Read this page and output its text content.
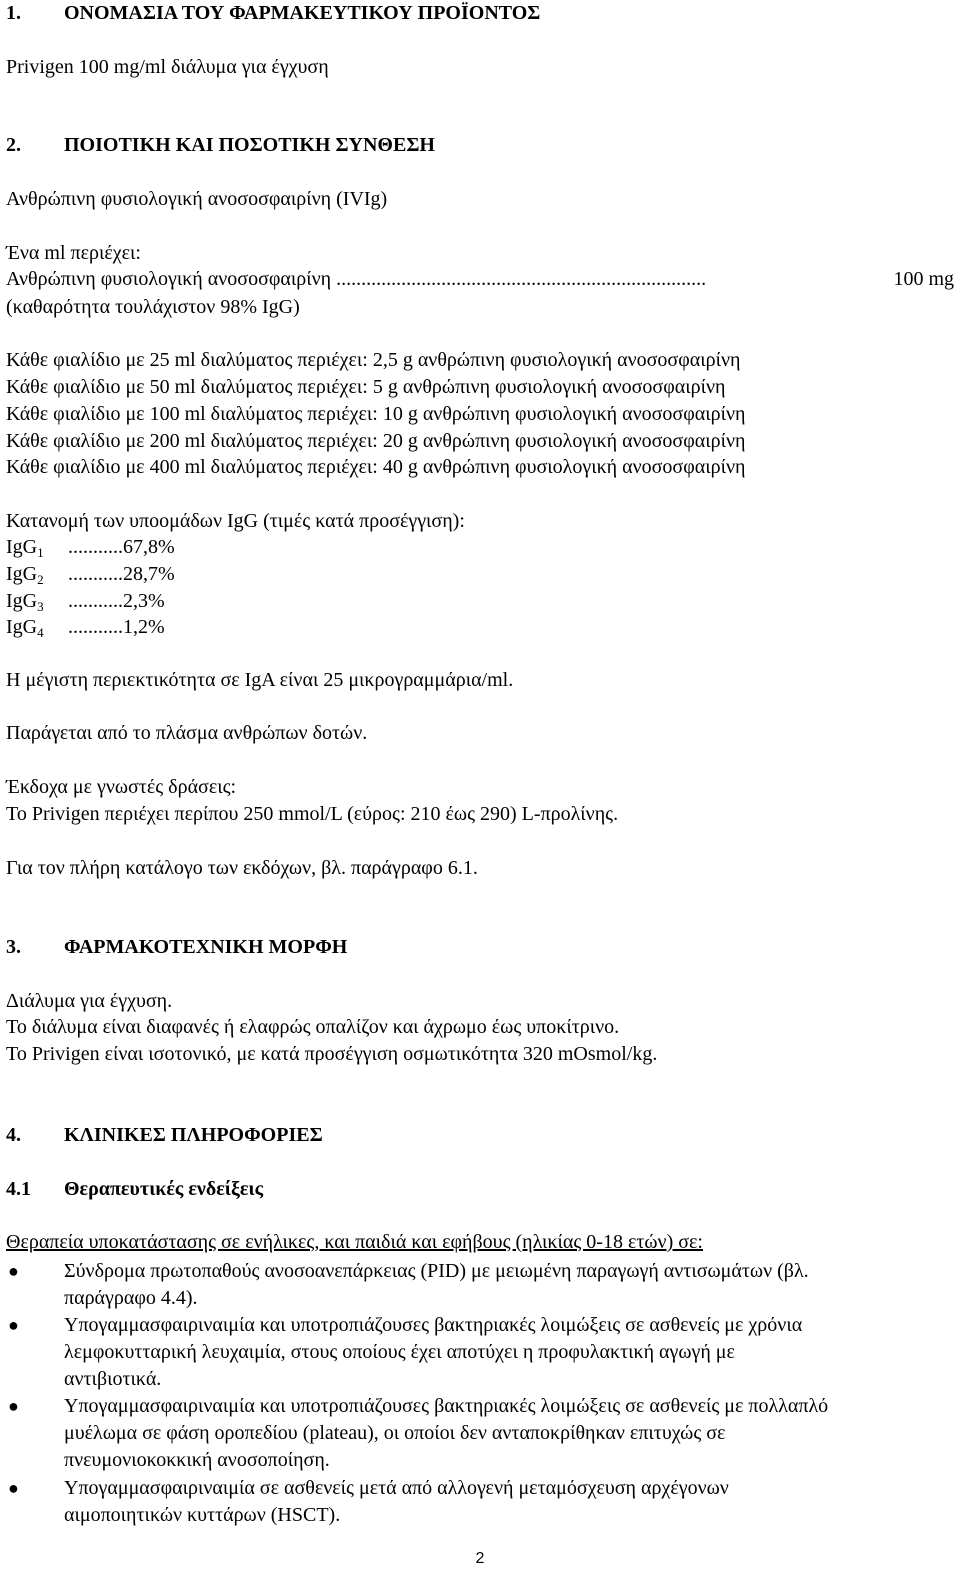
1. ΟΝΟΜΑΣΙΑ ΤΟΥ ΦΑΡΜΑΚΕΥΤΙΚΟΥ ΠΡΟΪΟΝΤΟΣ
Privigen 100 mg/ml διάλυμα για έγχυση
2. ΠΟΙΟΤΙΚΗ ΚΑΙ ΠΟΣΟΤΙΚΗ ΣΥΝΘΕΣΗ
Ανθρώπινη φυσιολογική ανοσοσφαιρίνη (IVIg)
Ένα ml περιέχει:
Ανθρώπινη φυσιολογική ανοσοσφαιρίνη ..........................................................................	100 mg
(καθαρότητα τουλάχιστον 98% IgG)
Κάθε φιαλίδιο με 25 ml διαλύματος περιέχει: 2,5 g ανθρώπινη φυσιολογική ανοσοσφαιρίνη
Κάθε φιαλίδιο με 50 ml διαλύματος περιέχει: 5 g ανθρώπινη φυσιολογική ανοσοσφαιρίνη
Κάθε φιαλίδιο με 100 ml διαλύματος περιέχει: 10 g ανθρώπινη φυσιολογική ανοσοσφαιρίνη
Κάθε φιαλίδιο με 200 ml διαλύματος περιέχει: 20 g ανθρώπινη φυσιολογική ανοσοσφαιρίνη
Κάθε φιαλίδιο με 400 ml διαλύματος περιέχει: 40 g ανθρώπινη φυσιολογική ανοσοσφαιρίνη
Κατανομή των υποομάδων IgG (τιμές κατά προσέγγιση):
IgG$_1$ ...........67,8%
IgG$_2$ ...........28,7%
IgG$_3$ ...........2,3%
IgG$_4$ ...........1,2%
Η μέγιστη περιεκτικότητα σε IgA είναι 25 μικρογραμμάρια/ml.
Παράγεται από το πλάσμα ανθρώπων δοτών.
Έκδοχα με γνωστές δράσεις:
Το Privigen περιέχει περίπου 250 mmol/L (εύρος: 210 έως 290) L-προλίνης.
Για τον πλήρη κατάλογο των εκδόχων, βλ. παράγραφο 6.1.
3. ΦΑΡΜΑΚΟΤΕΧΝΙΚΗ ΜΟΡΦΗ
Διάλυμα για έγχυση.
Το διάλυμα είναι διαφανές ή ελαφρώς οπαλίζον και άχρωμο έως υποκίτρινο.
Το Privigen είναι ισοτονικό, με κατά προσέγγιση οσμωτικότητα 320 mOsmol/kg.
4. ΚΛΙΝΙΚΕΣ ΠΛΗΡΟΦΟΡΙΕΣ
4.1 Θεραπευτικές ενδείξεις
Θεραπεία υποκατάστασης σε ενήλικες, και παιδιά και εφήβους (ηλικίας 0-18 ετών) σε:
● Σύνδρομα πρωτοπαθούς ανοσοανεπάρκειας (PID) με μειωμένη παραγωγή αντισωμάτων (βλ.
παράγραφο 4.4).
● Υπογαμμασφαιριναιμία και υποτροπιάζουσες βακτηριακές λοιμώξεις σε ασθενείς με χρόνια
λεμφοκυτταρική λευχαιμία, στους οποίους έχει αποτύχει η προφυλακτική αγωγή με
αντιβιοτικά.
● Υπογαμμασφαιριναιμία και υποτροπιάζουσες βακτηριακές λοιμώξεις σε ασθενείς με πολλαπλό
μυέλωμα σε φάση οροπεδίου (plateau), οι οποίοι δεν ανταποκρίθηκαν επιτυχώς σε
πνευμονιοκοκκική ανοσοποίηση.
● Υπογαμμασφαιριναιμία σε ασθενείς μετά από αλλογενή μεταμόσχευση αρχέγονων
αιμοποιητικών κυττάρων (HSCT).
2
